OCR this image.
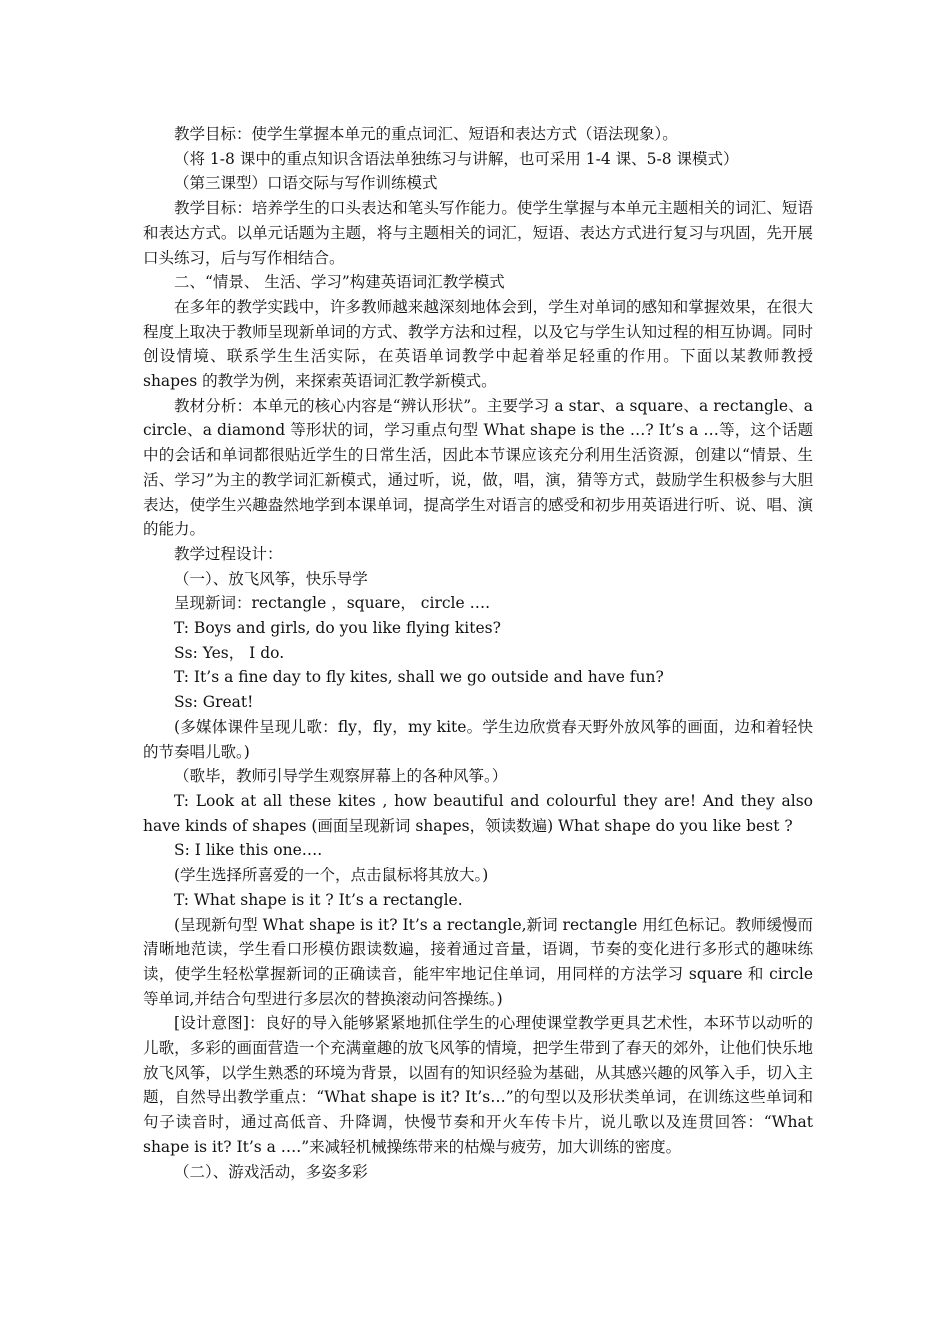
教学目标：使学生掌握本单元的重点词汇、短语和表达方式（语法现象）。

（将 1-8 课中的重点知识含语法单独练习与讲解，也可采用 1-4 课、5-8 课模式）

（第三课型）口语交际与写作训练模式

教学目标：培养学生的口头表达和笔头写作能力。使学生掌握与本单元主题相关的词汇、短语和表达方式。以单元话题为主题，将与主题相关的词汇，短语、表达方式进行复习与巩固，先开展口头练习，后与写作相结合。

二、“情景、 生活、学习”构建英语词汇教学模式

在多年的教学实践中，许多教师越来越深刻地体会到，学生对单词的感知和掌握效果，在很大程度上取决于教师呈现新单词的方式、教学方法和过程，以及它与学生认知过程的相互协调。同时创设情境、联系学生生活实际，在英语单词教学中起着举足轻重的作用。下面以某教师教授 shapes 的教学为例，来探索英语词汇教学新模式。

教材分析：本单元的核心内容是“辨认形状”。主要学习 a star、a square、a rectangle、a circle、a diamond 等形状的词，学习重点句型 What shape is the …? It’s a …等，这个话题中的会话和单词都很贴近学生的日常生活，因此本节课应该充分利用生活资源，创建以“情景、生活、学习”为主的教学词汇新模式，通过听，说，做，唱，演，猜等方式，鼓励学生积极参与大胆表达，使学生兴趣盎然地学到本课单词，提高学生对语言的感受和初步用英语进行听、说、唱、演的能力。

教学过程设计：

（一）、放飞风筝，快乐导学

呈现新词：rectangle ，square， circle ….

T: Boys and girls, do you like flying kites?

Ss: Yes， I do.

T: It’s a fine day to fly kites, shall we go outside and have fun?

Ss: Great!

(多媒体课件呈现儿歌：fly，fly，my kite。学生边欣赏春天野外放风筝的画面，边和着轻快的节奏唱儿歌。)

（歌毕，教师引导学生观察屏幕上的各种风筝。）

T: Look at all these kites , how beautiful and colourful they are! And they also have kinds of shapes (画面呈现新词 shapes，领读数遍) What shape do you like best ?

S: I like this one….

(学生选择所喜爱的一个，点击鼠标将其放大。)

T: What shape is it ? It’s a rectangle.

(呈现新句型 What shape is it? It’s a rectangle,新词 rectangle 用红色标记。教师缓慢而清晰地范读，学生看口形模仿跟读数遍，接着通过音量，语调，节奏的变化进行多形式的趣味练读，使学生轻松掌握新词的正确读音，能牢牢地记住单词，用同样的方法学习 square 和 circle 等单词,并结合句型进行多层次的替换滚动问答操练。)

[设计意图]：良好的导入能够紧紧地抓住学生的心理使课堂教学更具艺术性，本环节以动听的儿歌，多彩的画面营造一个充满童趣的放飞风筝的情境，把学生带到了春天的郊外，让他们快乐地放飞风筝，以学生熟悉的环境为背景，以固有的知识经验为基础，从其感兴趣的风筝入手，切入主题，自然导出教学重点：“What shape is it? It’s…”的句型以及形状类单词，在训练这些单词和句子读音时，通过高低音、升降调，快慢节奏和开火车传卡片，说儿歌以及连贯回答：“What shape is it? It’s a ….”来减轻机械操练带来的枯燥与疲劳，加大训练的密度。

（二）、游戏活动，多姿多彩
